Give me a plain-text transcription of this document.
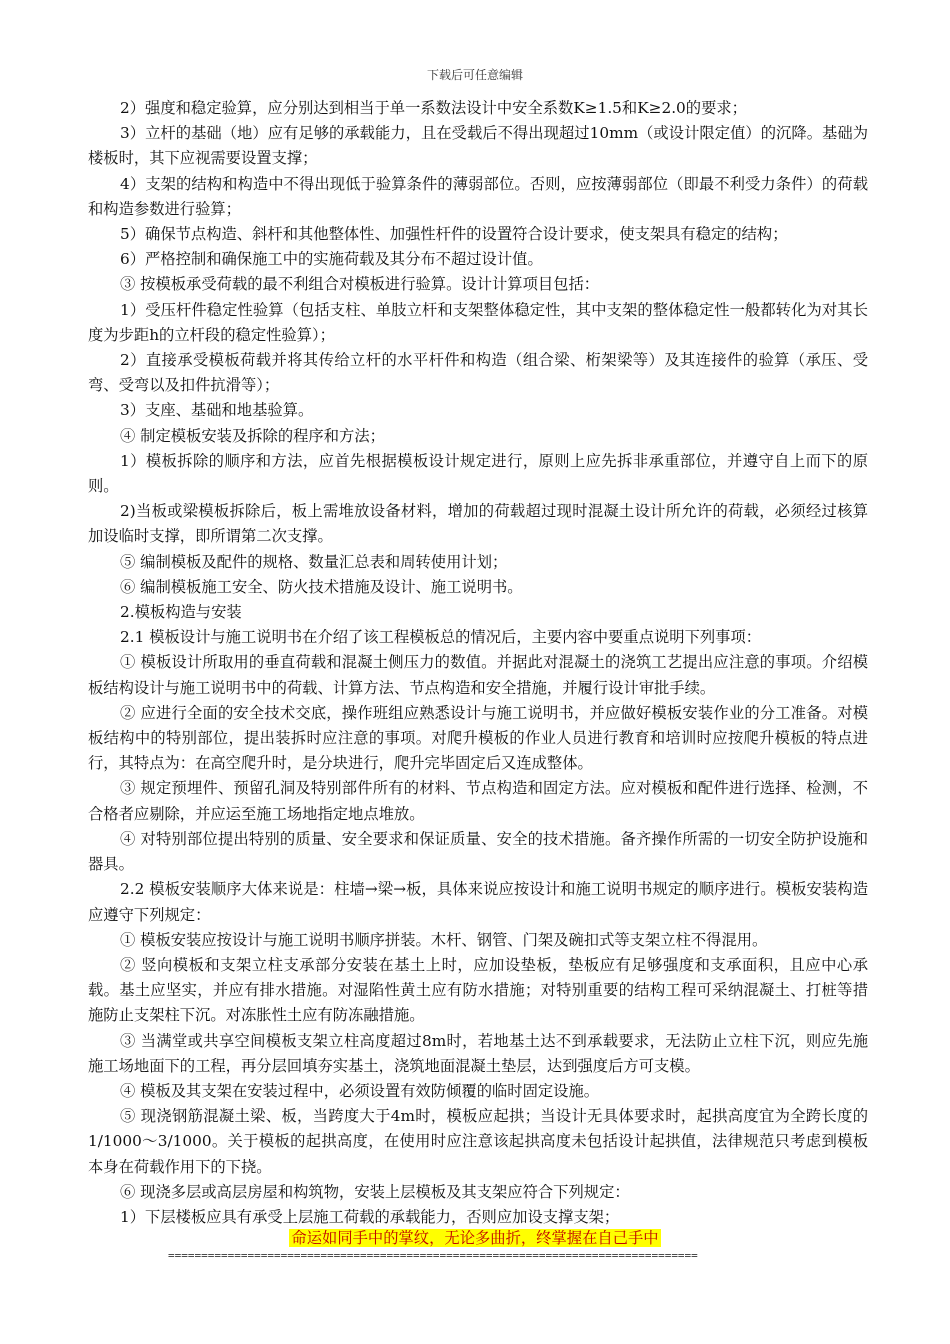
下载后可任意编辑

2）强度和稳定验算，应分别达到相当于单一系数法设计中安全系数K≥1.5和K≥2.0的要求；

3）立杆的基础（地）应有足够的承载能力，且在受载后不得出现超过10mm（或设计限定值）的沉降。基础为楼板时，其下应视需要设置支撑；

4）支架的结构和构造中不得出现低于验算条件的薄弱部位。否则，应按薄弱部位（即最不利受力条件）的荷载和构造参数进行验算；

5）确保节点构造、斜杆和其他整体性、加强性杆件的设置符合设计要求，使支架具有稳定的结构；

6）严格控制和确保施工中的实施荷载及其分布不超过设计值。

③ 按模板承受荷载的最不利组合对模板进行验算。设计计算项目包括：

1）受压杆件稳定性验算（包括支柱、单肢立杆和支架整体稳定性，其中支架的整体稳定性一般都转化为对其长度为步距h的立杆段的稳定性验算）；

2）直接承受模板荷载并将其传给立杆的水平杆件和构造（组合梁、桁架梁等）及其连接件的验算（承压、受弯、受弯以及扣件抗滑等）；

3）支座、基础和地基验算。

④ 制定模板安装及拆除的程序和方法；

1）模板拆除的顺序和方法，应首先根据模板设计规定进行，原则上应先拆非承重部位，并遵守自上而下的原则。

2)当板或梁模板拆除后，板上需堆放设备材料，增加的荷载超过现时混凝土设计所允许的荷载，必须经过核算加设临时支撑，即所谓第二次支撑。

⑤ 编制模板及配件的规格、数量汇总表和周转使用计划；

⑥ 编制模板施工安全、防火技术措施及设计、施工说明书。

2.模板构造与安装

2.1 模板设计与施工说明书在介绍了该工程模板总的情况后，主要内容中要重点说明下列事项：

① 模板设计所取用的垂直荷载和混凝土侧压力的数值。并据此对混凝土的浇筑工艺提出应注意的事项。介绍模板结构设计与施工说明书中的荷载、计算方法、节点构造和安全措施，并履行设计审批手续。

② 应进行全面的安全技术交底，操作班组应熟悉设计与施工说明书，并应做好模板安装作业的分工准备。对模板结构中的特别部位，提出装拆时应注意的事项。对爬升模板的作业人员进行教育和培训时应按爬升模板的特点进行，其特点为：在高空爬升时，是分块进行，爬升完毕固定后又连成整体。

③ 规定预埋件、预留孔洞及特别部件所有的材料、节点构造和固定方法。应对模板和配件进行选择、检测，不合格者应剔除，并应运至施工场地指定地点堆放。

④ 对特别部位提出特别的质量、安全要求和保证质量、安全的技术措施。备齐操作所需的一切安全防护设施和器具。

2.2 模板安装顺序大体来说是：柱墙→梁→板，具体来说应按设计和施工说明书规定的顺序进行。模板安装构造应遵守下列规定：

① 模板安装应按设计与施工说明书顺序拼装。木杆、钢管、门架及碗扣式等支架立柱不得混用。

② 竖向模板和支架立柱支承部分安装在基土上时，应加设垫板，垫板应有足够强度和支承面积，且应中心承载。基土应坚实，并应有排水措施。对湿陷性黄土应有防水措施；对特别重要的结构工程可采纳混凝土、打桩等措施防止支架柱下沉。对冻胀性土应有防冻融措施。

③ 当满堂或共享空间模板支架立柱高度超过8m时，若地基土达不到承载要求，无法防止立柱下沉，则应先施施工场地面下的工程，再分层回填夯实基土，浇筑地面混凝土垫层，达到强度后方可支模。

④ 模板及其支架在安装过程中，必须设置有效防倾覆的临时固定设施。

⑤ 现浇钢筋混凝土梁、板，当跨度大于4m时，模板应起拱；当设计无具体要求时，起拱高度宜为全跨长度的1/1000～3/1000。关于模板的起拱高度，在使用时应注意该起拱高度未包括设计起拱值，法律规范只考虑到模板本身在荷载作用下的下挠。

⑥ 现浇多层或高层房屋和构筑物，安装上层模板及其支架应符合下列规定：

1）下层楼板应具有承受上层施工荷载的承载能力，否则应加设支撑支架；

命运如同手中的掌纹，无论多曲折，终掌握在自己手中
================================================================================
